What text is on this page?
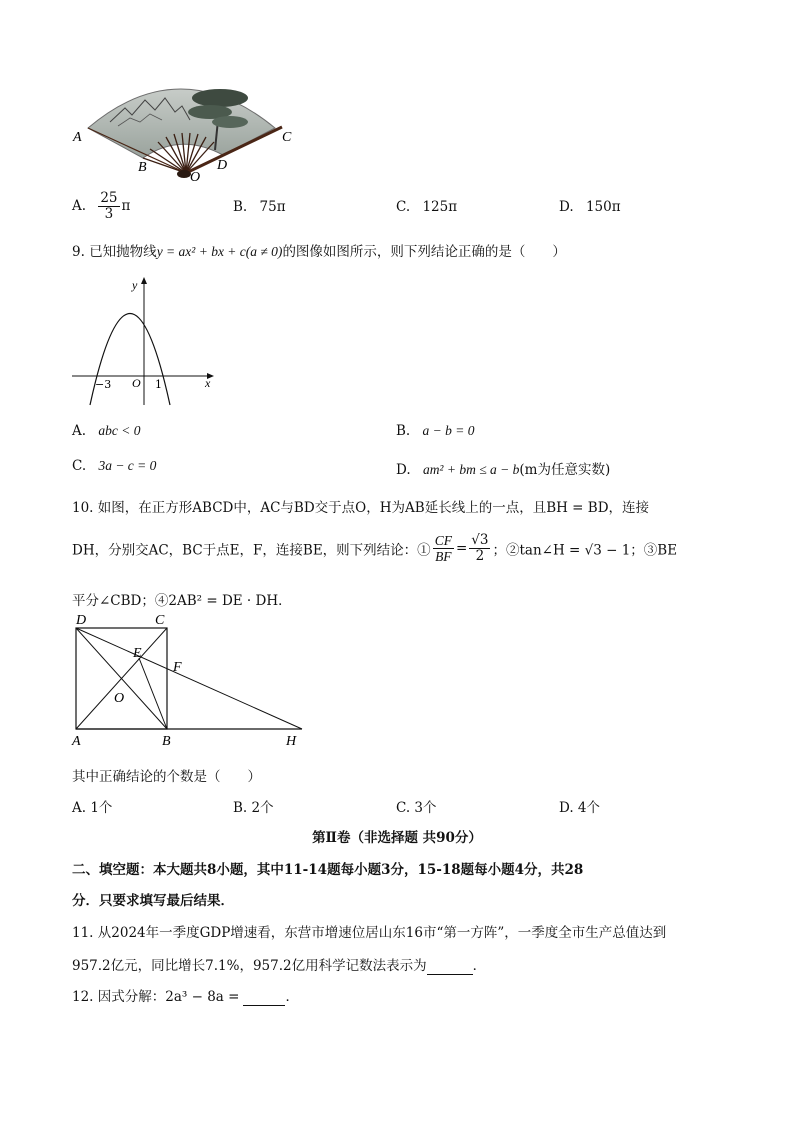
A
B
C
D
O
A. $\frac{25}{3}$ π	B. 75π	C. 125π	D. 150π
9. 已知抛物线y = ax² + bx + c(a ≠ 0)的图像如图所示，则下列结论正确的是（　　）
y
x
O
−3	1
A. abc < 0	B. a − b = 0
C. 3a − c = 0	D. am² + bm ≤ a − b(m为任意实数)
10. 如图，在正方形ABCD中，AC与BD交于点O，H为AB延长线上的一点，且BH = BD，连接
DH，分别交AC，BC于点E，F，连接BE，则下列结论：① $\frac{CF}{BF} = \frac{√3}{2}$ ；②tan∠H = √3 − 1；③BE
平分∠CBD；④2AB² = DE · DH．
D	C
E
F
O
A	B	H
其中正确结论的个数是（　　）
A. 1个	B. 2个	C. 3个	D. 4个
第Ⅱ卷（非选择题 共90分）
二、填空题：本大题共8小题，其中11-14题每小题3分，15-18题每小题4分，共28
分．只要求填写最后结果．
11. 从2024年一季度GDP增速看，东营市增速位居山东16市“第一方阵”，一季度全市生产总值达到
957.2亿元，同比增长7.1%，957.2亿用科学记数法表示为	．
12. 因式分解：2a³ − 8a =	．
